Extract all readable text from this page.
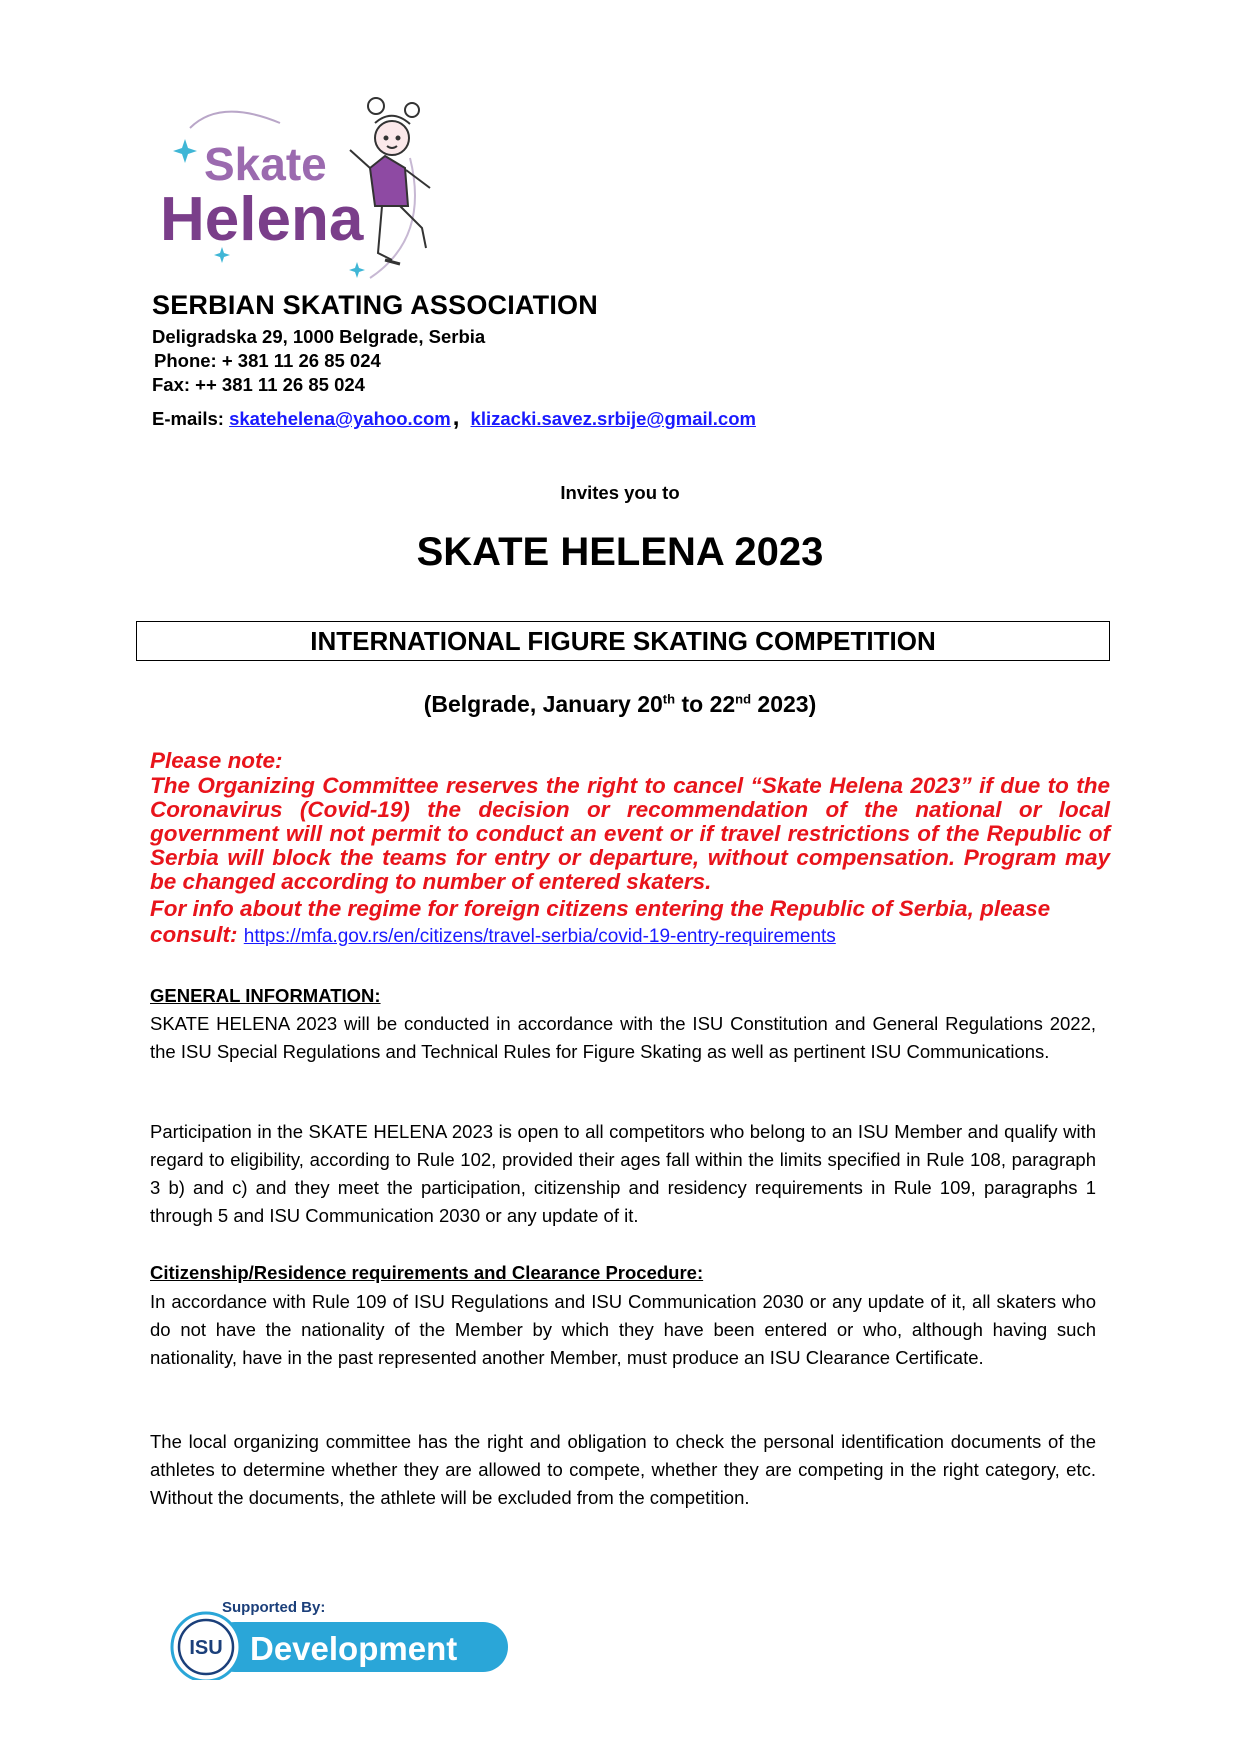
Skate
Helena
SERBIAN SKATING ASSOCIATION
Deligradska 29, 1000 Belgrade, Serbia
Phone: + 381 11 26 85 024
Fax: ++ 381 11 26 85 024
E-mails: skatehelena@yahoo.com, klizacki.savez.srbije@gmail.com
Invites you to
SKATE HELENA 2023
INTERNATIONAL FIGURE SKATING COMPETITION
(Belgrade, January 20th to 22nd 2023)
Please note:
The Organizing Committee reserves the right to cancel “Skate Helena 2023” if due to the Coronavirus (Covid-19) the decision or recommendation of the national or local government will not permit to conduct an event or if travel restrictions of the Republic of Serbia will block the teams for entry or departure, without compensation. Program may be changed according to number of entered skaters.
For info about the regime for foreign citizens entering the Republic of Serbia, please consult: https://mfa.gov.rs/en/citizens/travel-serbia/covid-19-entry-requirements
GENERAL INFORMATION:
SKATE HELENA 2023 will be conducted in accordance with the ISU Constitution and General Regulations 2022, the ISU Special Regulations and Technical Rules for Figure Skating as well as pertinent ISU Communications.
Participation in the SKATE HELENA 2023 is open to all competitors who belong to an ISU Member and qualify with regard to eligibility, according to Rule 102, provided their ages fall within the limits specified in Rule 108, paragraph 3 b) and c) and they meet the participation, citizenship and residency requirements in Rule 109, paragraphs 1 through 5 and ISU Communication 2030 or any update of it.
Citizenship/Residence requirements and Clearance Procedure:
In accordance with Rule 109 of ISU Regulations and ISU Communication 2030 or any update of it, all skaters who do not have the nationality of the Member by which they have been entered or who, although having such nationality, have in the past represented another Member, must produce an ISU Clearance Certificate.
The local organizing committee has the right and obligation to check the personal identification documents of the athletes to determine whether they are allowed to compete, whether they are competing in the right category, etc. Without the documents, the athlete will be excluded from the competition.
Supported By:
ISU Development
